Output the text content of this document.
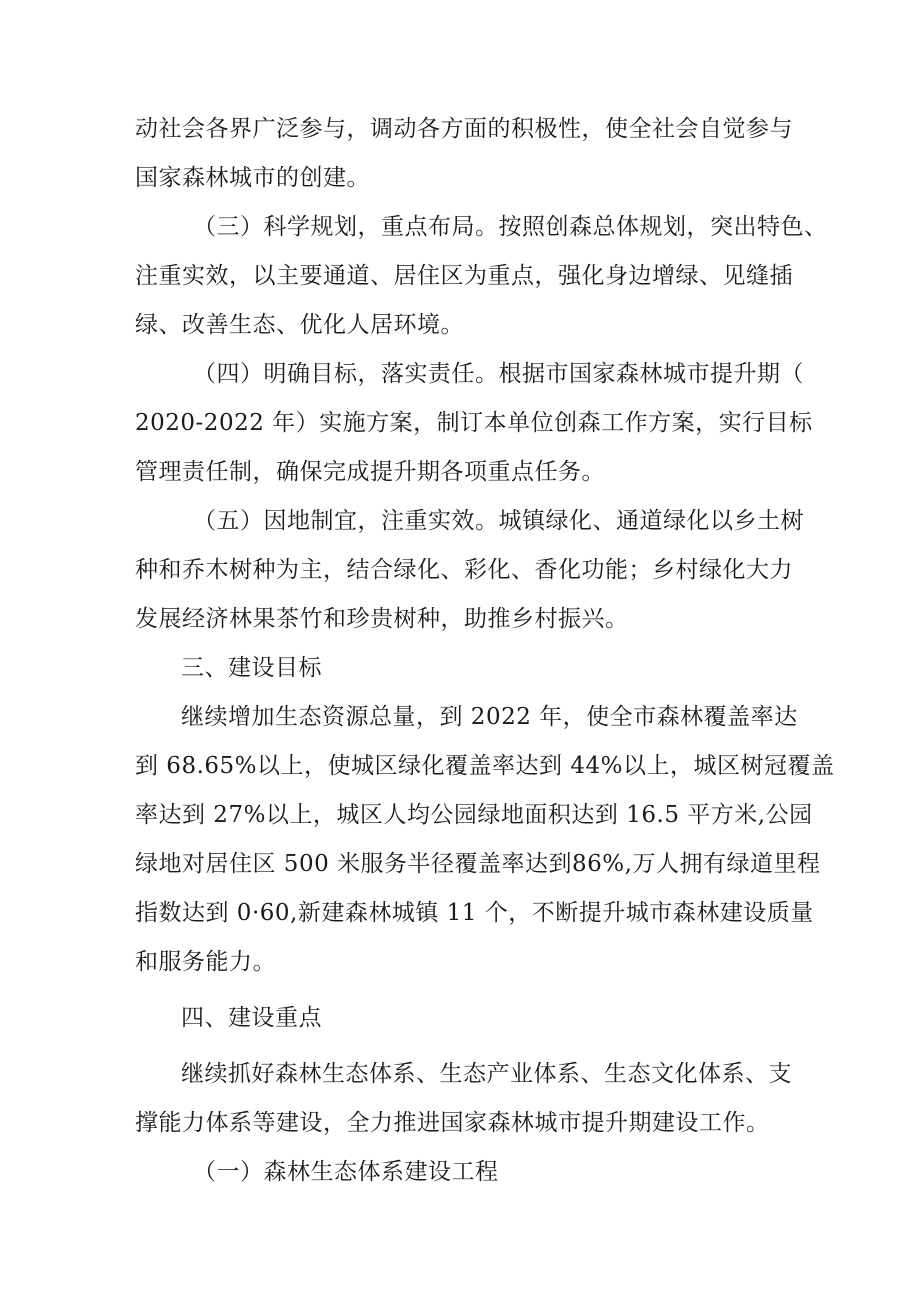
动社会各界广泛参与，调动各方面的积极性，使全社会自觉参与
国家森林城市的创建。
（三）科学规划，重点布局。按照创森总体规划，突出特色、
注重实效，以主要通道、居住区为重点，强化身边增绿、见缝插
绿、改善生态、优化人居环境。
（四）明确目标，落实责任。根据市国家森林城市提升期（
2020-2022 年）实施方案，制订本单位创森工作方案，实行目标
管理责任制，确保完成提升期各项重点任务。
（五）因地制宜，注重实效。城镇绿化、通道绿化以乡土树
种和乔木树种为主，结合绿化、彩化、香化功能；乡村绿化大力
发展经济林果茶竹和珍贵树种，助推乡村振兴。
三、建设目标
继续增加生态资源总量，到 2022 年，使全市森林覆盖率达
到 68.65%以上，使城区绿化覆盖率达到 44%以上，城区树冠覆盖
率达到 27%以上，城区人均公园绿地面积达到 16.5 平方米,公园
绿地对居住区 500 米服务半径覆盖率达到86%,万人拥有绿道里程
指数达到 0·60,新建森林城镇 11 个，不断提升城市森林建设质量
和服务能力。
四、建设重点
继续抓好森林生态体系、生态产业体系、生态文化体系、支
撑能力体系等建设，全力推进国家森林城市提升期建设工作。
（一）森林生态体系建设工程
